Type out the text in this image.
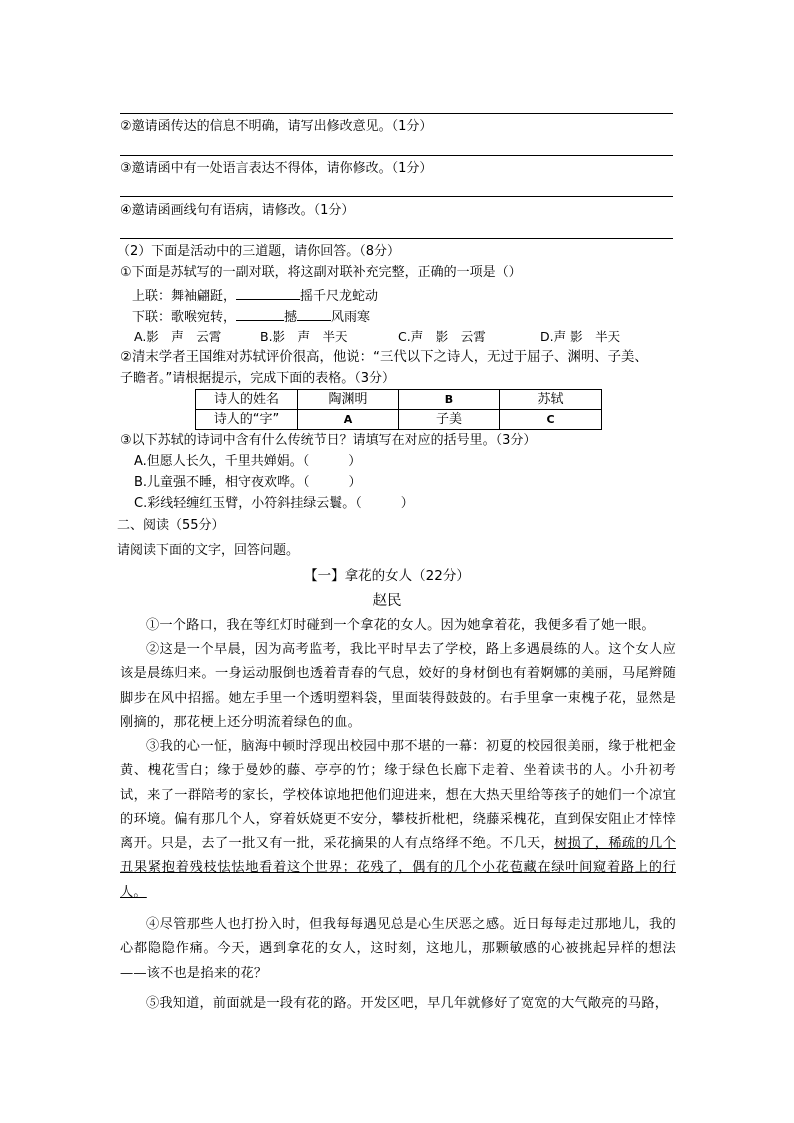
②邀请函传达的信息不明确，请写出修改意见。（1分）
③邀请函中有一处语言表达不得体，请你修改。（1分）
④邀请函画线句有语病，请修改。（1分）
（2）下面是活动中的三道题，请你回答。（8分）
①下面是苏轼写的一副对联，将这副对联补充完整，正确的一项是（）
上联：舞袖翩跹，	摇千尺龙蛇动
下联：歌喉宛转，	撼	风雨寒
A.影　声　云霄	B.影　声　半天	C.声　影　云霄	D.声 影　半天
②清末学者王国维对苏轼评价很高，他说：“三代以下之诗人，无过于屈子、渊明、子美、
子瞻者。”请根据提示，完成下面的表格。（3分）
诗人的姓名	陶渊明	B	苏轼
诗人的“字”	A	子美	C
③以下苏轼的诗词中含有什么传统节日？请填写在对应的括号里。（3分）
A.但愿人长久，千里共婵娟。（　　　）
B.儿童强不睡，相守夜欢哗。（　　　）
C.彩线轻缠红玉臂，小符斜挂绿云鬟。（　　　）
二、阅读（55分）
请阅读下面的文字，回答问题。
【一】拿花的女人（22分）
赵民
①一个路口，我在等红灯时碰到一个拿花的女人。因为她拿着花，我便多看了她一眼。
②这是一个早晨，因为高考监考，我比平时早去了学校，路上多遇晨练的人。这个女人应该是晨练归来。一身运动服倒也透着青春的气息，姣好的身材倒也有着婀娜的美丽，马尾辫随脚步在风中招摇。她左手里一个透明塑料袋，里面装得鼓鼓的。右手里拿一束槐子花，显然是刚摘的，那花梗上还分明流着绿色的血。
③我的心一怔，脑海中顿时浮现出校园中那不堪的一幕：初夏的校园很美丽，缘于枇杷金黄、槐花雪白；缘于曼妙的藤、亭亭的竹；缘于绿色长廊下走着、坐着读书的人。小升初考试，来了一群陪考的家长，学校体谅地把他们迎进来，想在大热天里给等孩子的她们一个凉宜的环境。偏有那几个人，穿着妖娆更不安分，攀枝折枇杷，绕藤采槐花，直到保安阻止才悻悻离开。只是，去了一批又有一批，采花摘果的人有点络绎不绝。不几天，树损了，稀疏的几个丑果紧抱着残枝怯怯地看着这个世界；花残了，偶有的几个小花苞藏在绿叶间窥着路上的行人。
④尽管那些人也打扮入时，但我每每遇见总是心生厌恶之感。近日每每走过那地儿，我的心都隐隐作痛。今天，遇到拿花的女人，这时刻，这地儿，那颗敏感的心被挑起异样的想法——该不也是掐来的花？
⑤我知道，前面就是一段有花的路。开发区吧，早几年就修好了宽宽的大气敞亮的马路，
